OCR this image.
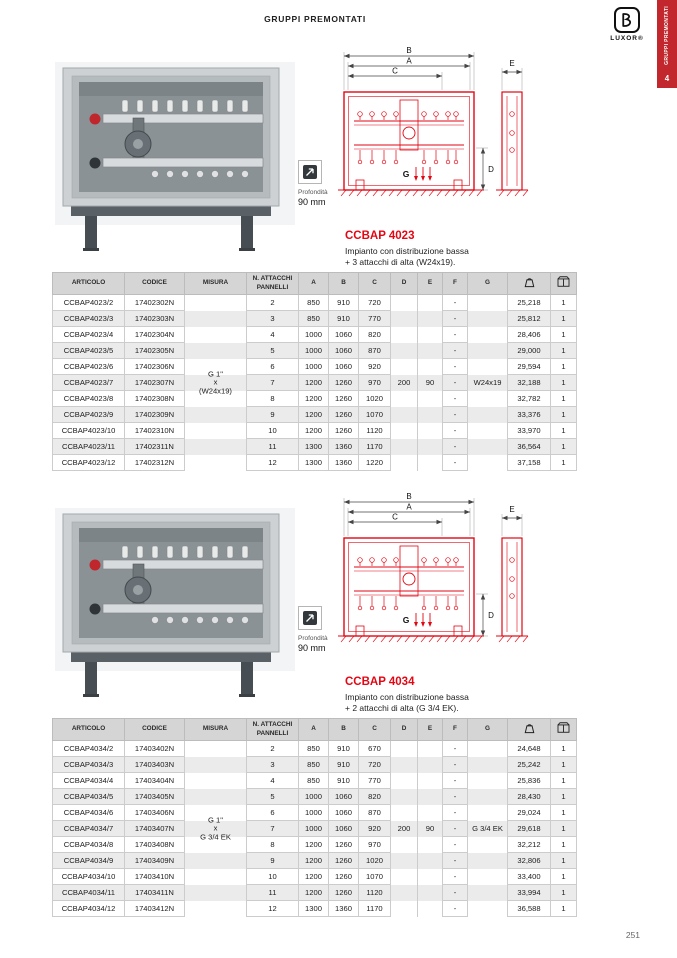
GRUPPI PREMONTATI
LUXOR®	GRUPPI PREMONTATI
4
Profondità
90 mm
B
A
C
D
E
G
CCBAP 4023
Impianto con distribuzione bassa
+ 3 attacchi di alta (W24x19).
ARTICOLO	CODICE	MISURA	N. ATTACCHI
PANNELLI	A	B	C	D	E	F	G		
CCBAP4023/2	17402302N		2	850	910	720			-		25,218	1
CCBAP4023/3	17402303N		3	850	910	770			-		25,812	1
CCBAP4023/4	17402304N		4	1000	1060	820			-		28,406	1
CCBAP4023/5	17402305N		5	1000	1060	870			-		29,000	1
CCBAP4023/6	17402306N		6	1000	1060	920			-		29,594	1
CCBAP4023/7	17402307N	G 1"
x
(W24x19)	7	1200	1260	970	200	90	-	W24x19	32,188	1
CCBAP4023/8	17402308N		8	1200	1260	1020			-		32,782	1
CCBAP4023/9	17402309N		9	1200	1260	1070			-		33,376	1
CCBAP4023/10	17402310N		10	1200	1260	1120			-		33,970	1
CCBAP4023/11	17402311N		11	1300	1360	1170			-		36,564	1
CCBAP4023/12	17402312N		12	1300	1360	1220			-		37,158	1
Profondità
90 mm
B
A
C
D
E
G
CCBAP 4034
Impianto con distribuzione bassa
+ 2 attacchi di alta (G 3/4 EK).
ARTICOLO	CODICE	MISURA	N. ATTACCHI
PANNELLI	A	B	C	D	E	F	G		
CCBAP4034/2	17403402N		2	850	910	670			-		24,648	1
CCBAP4034/3	17403403N		3	850	910	720			-		25,242	1
CCBAP4034/4	17403404N		4	850	910	770			-		25,836	1
CCBAP4034/5	17403405N		5	1000	1060	820			-		28,430	1
CCBAP4034/6	17403406N		6	1000	1060	870			-		29,024	1
CCBAP4034/7	17403407N	G 1"
x
G 3/4 EK	7	1000	1060	920	200	90	-	G 3/4 EK	29,618	1
CCBAP4034/8	17403408N		8	1200	1260	970			-		32,212	1
CCBAP4034/9	17403409N		9	1200	1260	1020			-		32,806	1
CCBAP4034/10	17403410N		10	1200	1260	1070			-		33,400	1
CCBAP4034/11	17403411N		11	1200	1260	1120			-		33,994	1
CCBAP4034/12	17403412N		12	1300	1360	1170			-		36,588	1
251
